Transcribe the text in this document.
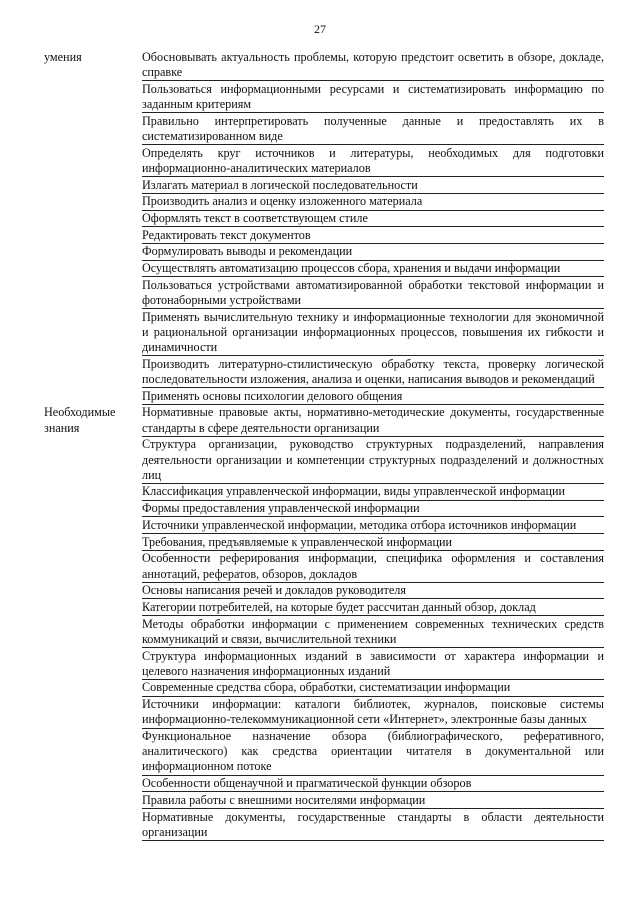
27
умения	Обосновывать актуальность проблемы, которую предстоит осветить в обзоре, докладе, справке
Пользоваться информационными ресурсами и систематизировать информацию по заданным критериям
Правильно интерпретировать полученные данные и предоставлять их в систематизированном виде
Определять круг источников и литературы, необходимых для подготовки информационно-аналитических материалов
Излагать материал в логической последовательности
Производить анализ и оценку изложенного материала
Оформлять текст в соответствующем стиле
Редактировать текст документов
Формулировать выводы и рекомендации
Осуществлять автоматизацию процессов сбора, хранения и выдачи информации
Пользоваться устройствами автоматизированной обработки текстовой информации и фотонаборными устройствами
Применять вычислительную технику и информационные технологии для экономичной и рациональной организации информационных процессов, повышения их гибкости и динамичности
Производить литературно-стилистическую обработку текста, проверку логической последовательности изложения, анализа и оценки, написания выводов и рекомендаций
Применять основы психологии делового общения
Необходимые знания
Нормативные правовые акты, нормативно-методические документы, государственные стандарты в сфере деятельности организации
Структура организации, руководство структурных подразделений, направления деятельности организации и компетенции структурных подразделений и должностных лиц
Классификация управленческой информации, виды управленческой информации
Формы предоставления управленческой информации
Источники управленческой информации, методика отбора источников информации
Требования, предъявляемые к управленческой информации
Особенности реферирования информации, специфика оформления и составления аннотаций, рефератов, обзоров, докладов
Основы написания речей и докладов руководителя
Категории потребителей, на которые будет рассчитан данный обзор, доклад
Методы обработки информации с применением современных технических средств коммуникаций и связи, вычислительной техники
Структура информационных изданий в зависимости от характера информации и целевого назначения информационных изданий
Современные средства сбора, обработки, систематизации информации
Источники информации: каталоги библиотек, журналов, поисковые системы информационно-телекоммуникационной сети «Интернет», электронные базы данных
Функциональное назначение обзора (библиографического, реферативного, аналитического) как средства ориентации читателя в документальной или информационном потоке
Особенности общенаучной и прагматической функции обзоров
Правила работы с внешними носителями информации
Нормативные документы, государственные стандарты в области деятельности организации
